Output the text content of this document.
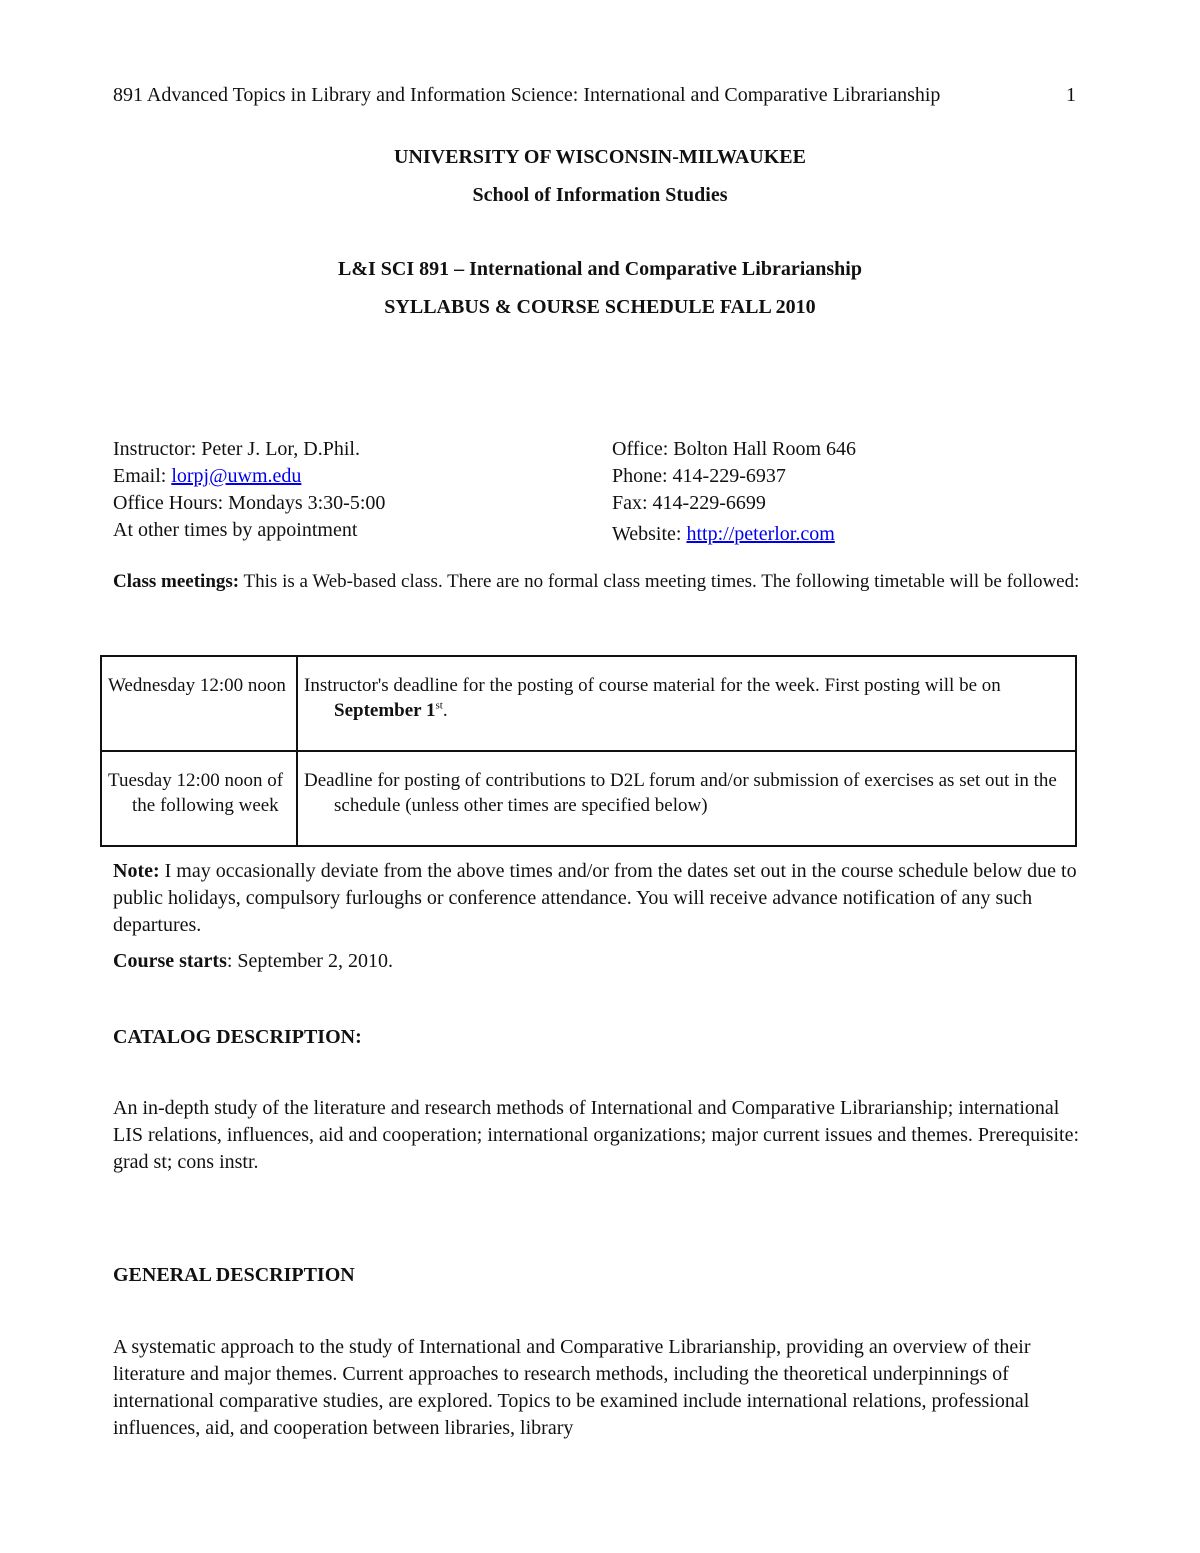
891 Advanced Topics in Library and Information Science: International and Comparative Librarianship	1
UNIVERSITY OF WISCONSIN-MILWAUKEE
School of Information Studies
L&I SCI 891 – International and Comparative Librarianship
SYLLABUS & COURSE SCHEDULE FALL 2010
Instructor: Peter J. Lor, D.Phil.
Email: lorpj@uwm.edu
Office Hours: Mondays 3:30-5:00
At other times by appointment
Office: Bolton Hall Room 646
Phone: 414-229-6937
Fax: 414-229-6699
Website: http://peterlor.com
Class meetings: This is a Web-based class. There are no formal class meeting times. The following timetable will be followed:
Wednesday 12:00 noon	Instructor's deadline for the posting of course material for the week. First posting will be on September 1st.

Tuesday 12:00 noon of the following week	Deadline for posting of contributions to D2L forum and/or submission of exercises as set out in the schedule (unless other times are specified below)
Note: I may occasionally deviate from the above times and/or from the dates set out in the course schedule below due to public holidays, compulsory furloughs or conference attendance. You will receive advance notification of any such departures.
Course starts: September 2, 2010.
CATALOG DESCRIPTION:
An in-depth study of the literature and research methods of International and Comparative Librarianship; international LIS relations, influences, aid and cooperation; international organizations; major current issues and themes. Prerequisite: grad st; cons instr.
GENERAL DESCRIPTION
A systematic approach to the study of International and Comparative Librarianship, providing an overview of their literature and major themes. Current approaches to research methods, including the theoretical underpinnings of international comparative studies, are explored. Topics to be examined include international relations, professional influences, aid, and cooperation between libraries, library
